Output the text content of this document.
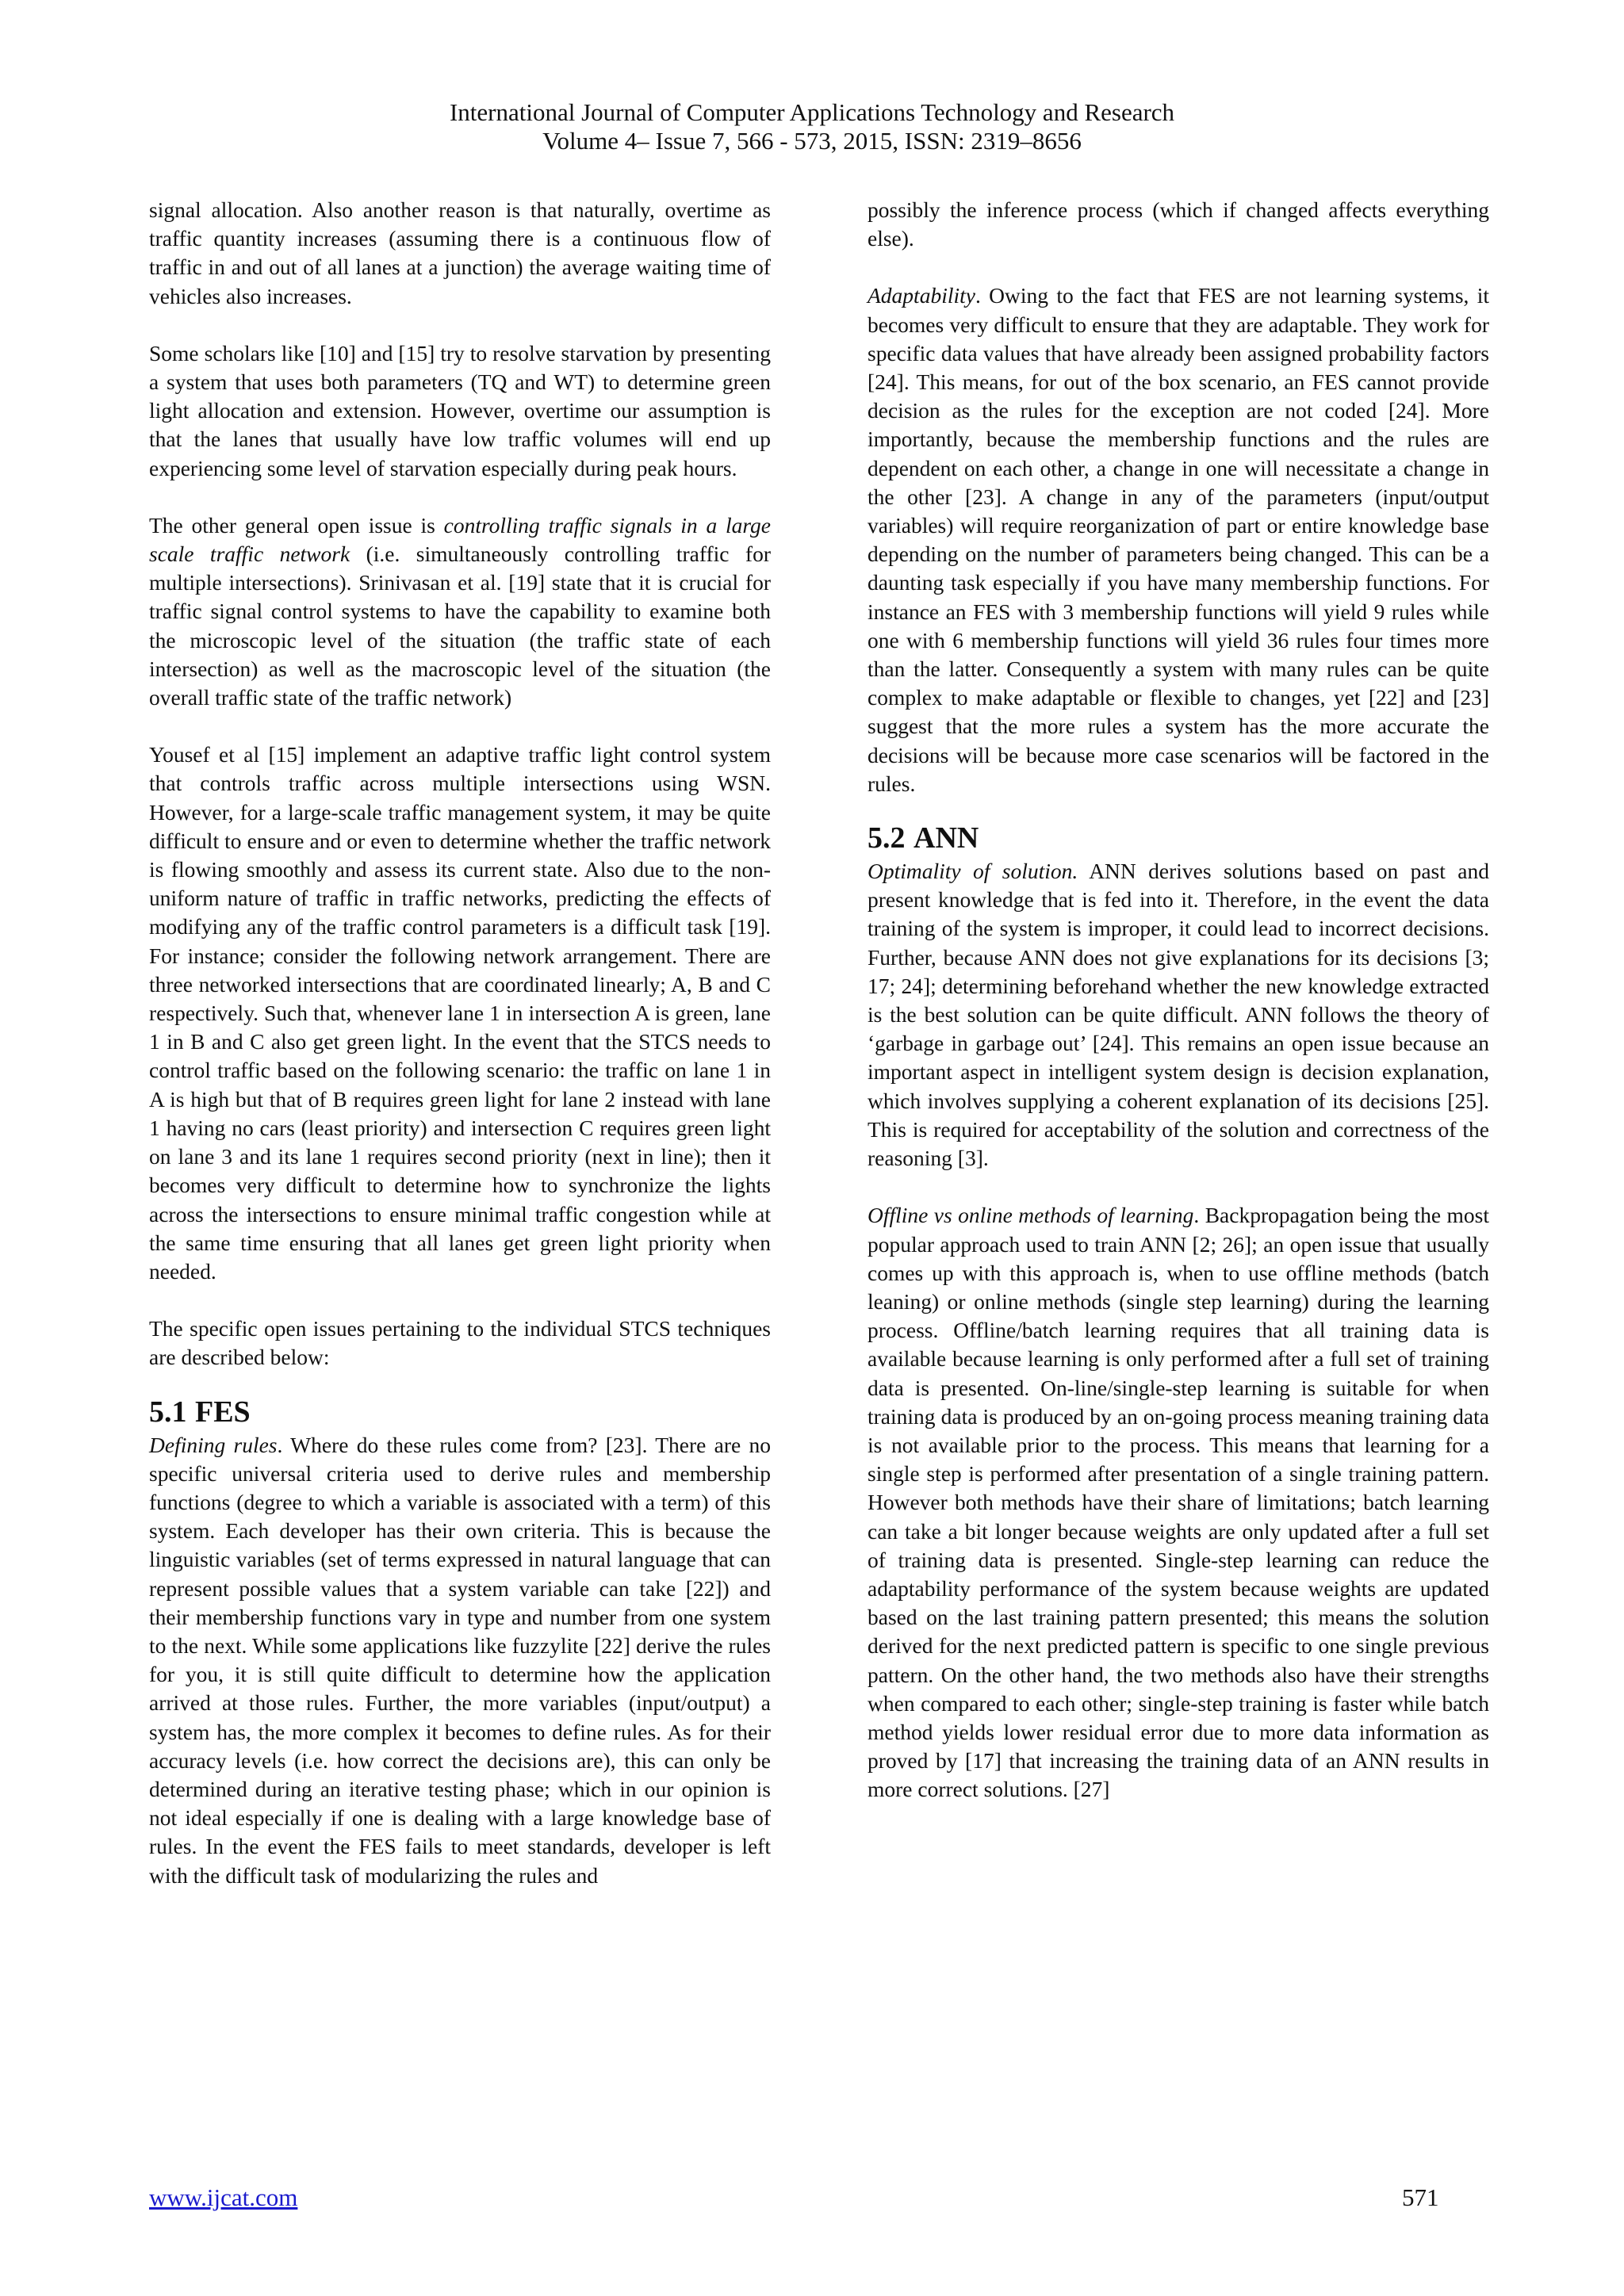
International Journal of Computer Applications Technology and Research
Volume 4– Issue 7, 566 - 573, 2015, ISSN: 2319–8656

signal allocation. Also another reason is that naturally, overtime as traffic quantity increases (assuming there is a continuous flow of traffic in and out of all lanes at a junction) the average waiting time of vehicles also increases.

Some scholars like [10] and [15] try to resolve starvation by presenting a system that uses both parameters (TQ and WT) to determine green light allocation and extension. However, overtime our assumption is that the lanes that usually have low traffic volumes will end up experiencing some level of starvation especially during peak hours.

The other general open issue is controlling traffic signals in a large scale traffic network (i.e. simultaneously controlling traffic for multiple intersections). Srinivasan et al. [19] state that it is crucial for traffic signal control systems to have the capability to examine both the microscopic level of the situation (the traffic state of each intersection) as well as the macroscopic level of the situation (the overall traffic state of the traffic network)

Yousef et al [15] implement an adaptive traffic light control system that controls traffic across multiple intersections using WSN. However, for a large-scale traffic management system, it may be quite difficult to ensure and or even to determine whether the traffic network is flowing smoothly and assess its current state. Also due to the non-uniform nature of traffic in traffic networks, predicting the effects of modifying any of the traffic control parameters is a difficult task [19]. For instance; consider the following network arrangement. There are three networked intersections that are coordinated linearly; A, B and C respectively. Such that, whenever lane 1 in intersection A is green, lane 1 in B and C also get green light. In the event that the STCS needs to control traffic based on the following scenario: the traffic on lane 1 in A is high but that of B requires green light for lane 2 instead with lane 1 having no cars (least priority) and intersection C requires green light on lane 3 and its lane 1 requires second priority (next in line); then it becomes very difficult to determine how to synchronize the lights across the intersections to ensure minimal traffic congestion while at the same time ensuring that all lanes get green light priority when needed.

The specific open issues pertaining to the individual STCS techniques are described below:

5.1 FES

Defining rules. Where do these rules come from? [23]. There are no specific universal criteria used to derive rules and membership functions (degree to which a variable is associated with a term) of this system. Each developer has their own criteria. This is because the linguistic variables (set of terms expressed in natural language that can represent possible values that a system variable can take [22]) and their membership functions vary in type and number from one system to the next. While some applications like fuzzylite [22] derive the rules for you, it is still quite difficult to determine how the application arrived at those rules. Further, the more variables (input/output) a system has, the more complex it becomes to define rules. As for their accuracy levels (i.e. how correct the decisions are), this can only be determined during an iterative testing phase; which in our opinion is not ideal especially if one is dealing with a large knowledge base of rules. In the event the FES fails to meet standards, developer is left with the difficult task of modularizing the rules and

possibly the inference process (which if changed affects everything else).

Adaptability. Owing to the fact that FES are not learning systems, it becomes very difficult to ensure that they are adaptable. They work for specific data values that have already been assigned probability factors [24]. This means, for out of the box scenario, an FES cannot provide decision as the rules for the exception are not coded [24]. More importantly, because the membership functions and the rules are dependent on each other, a change in one will necessitate a change in the other [23]. A change in any of the parameters (input/output variables) will require reorganization of part or entire knowledge base depending on the number of parameters being changed. This can be a daunting task especially if you have many membership functions. For instance an FES with 3 membership functions will yield 9 rules while one with 6 membership functions will yield 36 rules four times more than the latter. Consequently a system with many rules can be quite complex to make adaptable or flexible to changes, yet [22] and [23] suggest that the more rules a system has the more accurate the decisions will be because more case scenarios will be factored in the rules.

5.2 ANN

Optimality of solution. ANN derives solutions based on past and present knowledge that is fed into it. Therefore, in the event the data training of the system is improper, it could lead to incorrect decisions. Further, because ANN does not give explanations for its decisions [3; 17; 24]; determining beforehand whether the new knowledge extracted is the best solution can be quite difficult. ANN follows the theory of ‘garbage in garbage out’ [24]. This remains an open issue because an important aspect in intelligent system design is decision explanation, which involves supplying a coherent explanation of its decisions [25]. This is required for acceptability of the solution and correctness of the reasoning [3].

Offline vs online methods of learning. Backpropagation being the most popular approach used to train ANN [2; 26]; an open issue that usually comes up with this approach is, when to use offline methods (batch leaning) or online methods (single step learning) during the learning process. Offline/batch learning requires that all training data is available because learning is only performed after a full set of training data is presented. On-line/single-step learning is suitable for when training data is produced by an on-going process meaning training data is not available prior to the process. This means that learning for a single step is performed after presentation of a single training pattern. However both methods have their share of limitations; batch learning can take a bit longer because weights are only updated after a full set of training data is presented. Single-step learning can reduce the adaptability performance of the system because weights are updated based on the last training pattern presented; this means the solution derived for the next predicted pattern is specific to one single previous pattern. On the other hand, the two methods also have their strengths when compared to each other; single-step training is faster while batch method yields lower residual error due to more data information as proved by [17] that increasing the training data of an ANN results in more correct solutions. [27]

www.ijcat.com	571
